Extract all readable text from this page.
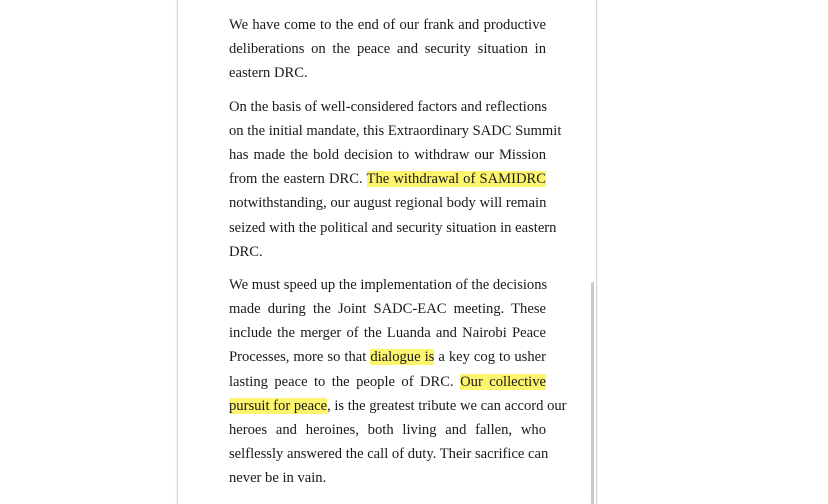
We have come to the end of our frank and productive
deliberations on the peace and security situation in
eastern DRC.
On the basis of well-considered factors and reflections
on the initial mandate, this Extraordinary SADC Summit
has made the bold decision to withdraw our Mission
from the eastern DRC. The withdrawal of SAMIDRC
notwithstanding, our august regional body will remain
seized with the political and security situation in eastern
DRC.
We must speed up the implementation of the decisions
made during the Joint SADC-EAC meeting. These
include the merger of the Luanda and Nairobi Peace
Processes, more so that dialogue is a key cog to usher
lasting peace to the people of DRC. Our collective
pursuit for peace, is the greatest tribute we can accord our
heroes and heroines, both living and fallen, who
selflessly answered the call of duty. Their sacrifice can
never be in vain.
